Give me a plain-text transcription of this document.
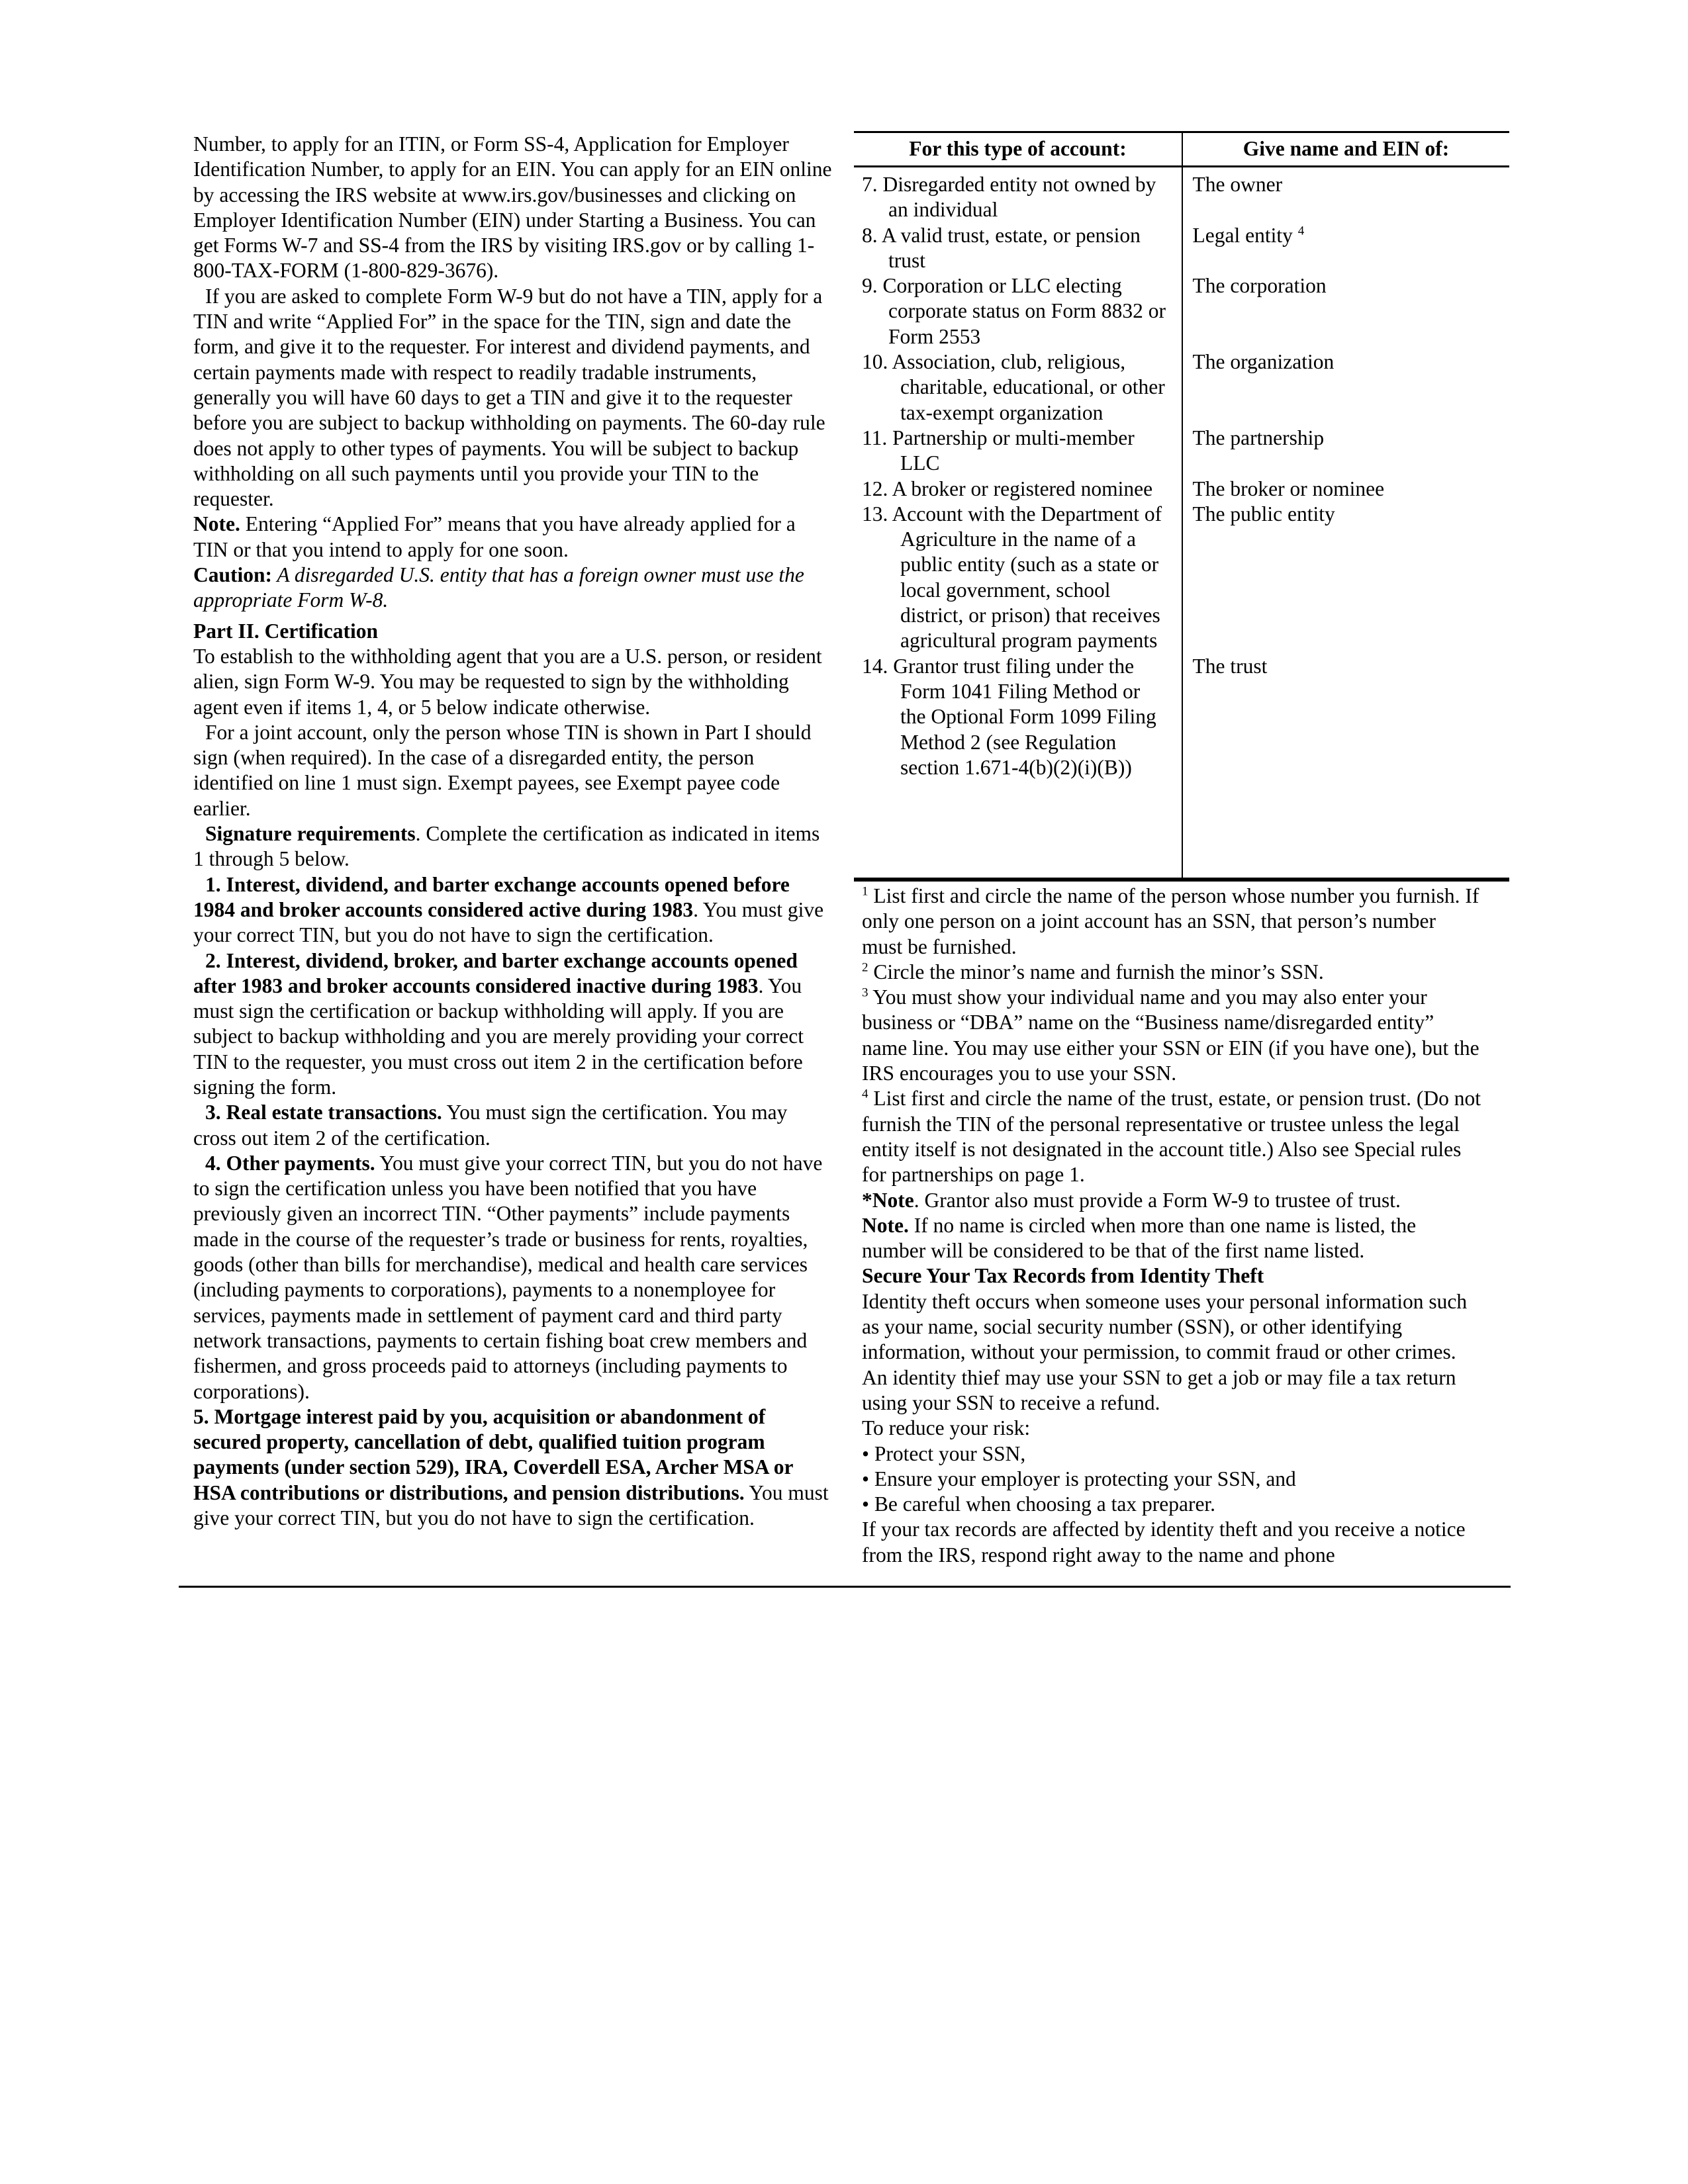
Number, to apply for an ITIN, or Form SS-4, Application for Employer Identification Number, to apply for an EIN. You can apply for an EIN online by accessing the IRS website at www.irs.gov/businesses and clicking on Employer Identification Number (EIN) under Starting a Business. You can get Forms W-7 and SS-4 from the IRS by visiting IRS.gov or by calling 1-800-TAX-FORM (1-800-829-3676).

If you are asked to complete Form W-9 but do not have a TIN, apply for a TIN and write “Applied For” in the space for the TIN, sign and date the form, and give it to the requester. For interest and dividend payments, and certain payments made with respect to readily tradable instruments, generally you will have 60 days to get a TIN and give it to the requester before you are subject to backup withholding on payments. The 60-day rule does not apply to other types of payments. You will be subject to backup withholding on all such payments until you provide your TIN to the requester.

Note. Entering “Applied For” means that you have already applied for a TIN or that you intend to apply for one soon.

Caution: A disregarded U.S. entity that has a foreign owner must use the appropriate Form W-8.

Part II. Certification

To establish to the withholding agent that you are a U.S. person, or resident alien, sign Form W-9. You may be requested to sign by the withholding agent even if items 1, 4, or 5 below indicate otherwise.

For a joint account, only the person whose TIN is shown in Part I should sign (when required). In the case of a disregarded entity, the person identified on line 1 must sign. Exempt payees, see Exempt payee code earlier.

Signature requirements. Complete the certification as indicated in items 1 through 5 below.

1. Interest, dividend, and barter exchange accounts opened before 1984 and broker accounts considered active during 1983. You must give your correct TIN, but you do not have to sign the certification.

2. Interest, dividend, broker, and barter exchange accounts opened after 1983 and broker accounts considered inactive during 1983. You must sign the certification or backup withholding will apply. If you are subject to backup withholding and you are merely providing your correct TIN to the requester, you must cross out item 2 in the certification before signing the form.

3. Real estate transactions. You must sign the certification. You may cross out item 2 of the certification.

4. Other payments. You must give your correct TIN, but you do not have to sign the certification unless you have been notified that you have previously given an incorrect TIN. “Other payments” include payments made in the course of the requester’s trade or business for rents, royalties, goods (other than bills for merchandise), medical and health care services (including payments to corporations), payments to a nonemployee for services, payments made in settlement of payment card and third party network transactions, payments to certain fishing boat crew members and fishermen, and gross proceeds paid to attorneys (including payments to corporations).

5. Mortgage interest paid by you, acquisition or abandonment of secured property, cancellation of debt, qualified tuition program payments (under section 529), IRA, Coverdell ESA, Archer MSA or HSA contributions or distributions, and pension distributions. You must give your correct TIN, but you do not have to sign the certification.

For this type of account:	Give name and EIN of:
7. Disregarded entity not owned by an individual
The owner
8. A valid trust, estate, or pension trust
Legal entity $^4$
9. Corporation or LLC electing corporate status on Form 8832 or Form 2553
The corporation
10. Association, club, religious, charitable, educational, or other tax-exempt organization
The organization
11. Partnership or multi-member LLC
The partnership
12. A broker or registered nominee	The broker or nominee
13. Account with the Department of Agriculture in the name of a public entity (such as a state or local government, school district, or prison) that receives agricultural program payments
The public entity
14. Grantor trust filing under the Form 1041 Filing Method or the Optional Form 1099 Filing Method 2 (see Regulation section 1.671-4(b)(2)(i)(B))
The trust

$^1$ List first and circle the name of the person whose number you furnish. If only one person on a joint account has an SSN, that person’s number must be furnished.

$^2$ Circle the minor’s name and furnish the minor’s SSN.

$^3$ You must show your individual name and you may also enter your business or “DBA” name on the “Business name/disregarded entity” name line. You may use either your SSN or EIN (if you have one), but the IRS encourages you to use your SSN.

$^4$ List first and circle the name of the trust, estate, or pension trust. (Do not furnish the TIN of the personal representative or trustee unless the legal entity itself is not designated in the account title.) Also see Special rules for partnerships on page 1.

*Note. Grantor also must provide a Form W-9 to trustee of trust.

Note. If no name is circled when more than one name is listed, the number will be considered to be that of the first name listed.

Secure Your Tax Records from Identity Theft

Identity theft occurs when someone uses your personal information such as your name, social security number (SSN), or other identifying information, without your permission, to commit fraud or other crimes. An identity thief may use your SSN to get a job or may file a tax return using your SSN to receive a refund.

To reduce your risk:

• Protect your SSN,

• Ensure your employer is protecting your SSN, and

• Be careful when choosing a tax preparer.

If your tax records are affected by identity theft and you receive a notice from the IRS, respond right away to the name and phone
